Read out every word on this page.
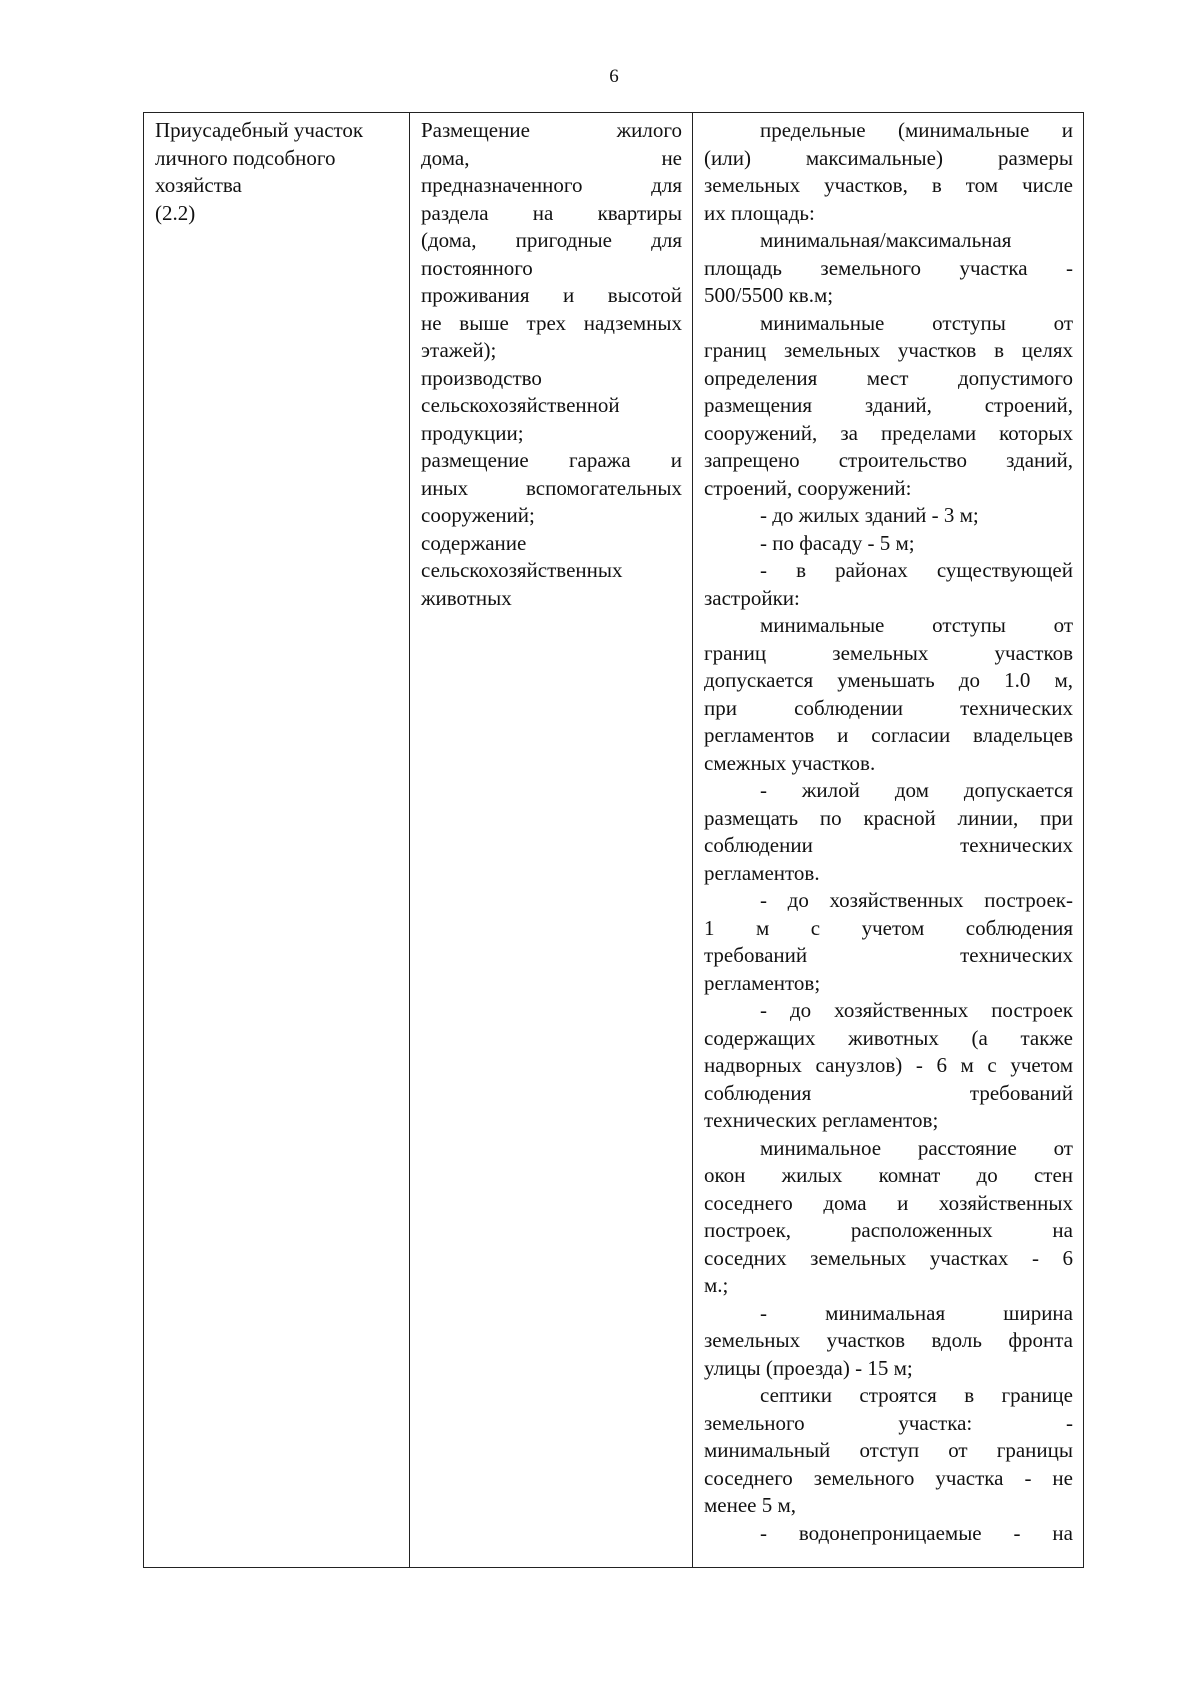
6
Приусадебный участок
личного подсобного
хозяйства
(2.2)

Размещение жилого
дома, не
предназначенного для
раздела на квартиры
(дома, пригодные для
постоянного
проживания и высотой
не выше трех надземных
этажей);
производство
сельскохозяйственной
продукции;
размещение гаража и
иных вспомогательных
сооружений;
содержание
сельскохозяйственных
животных

предельные (минимальные и
(или) максимальные) размеры
земельных участков, в том числе
их площадь:
минимальная/максимальная
площадь земельного участка -
500/5500 кв.м;
минимальные отступы от
границ земельных участков в целях
определения мест допустимого
размещения зданий, строений,
сооружений, за пределами которых
запрещено строительство зданий,
строений, сооружений:
- до жилых зданий - 3 м;
- по фасаду - 5 м;
- в районах существующей
застройки:
минимальные отступы от
границ земельных участков
допускается уменьшать до 1.0 м,
при соблюдении технических
регламентов и согласии владельцев
смежных участков.
- жилой дом допускается
размещать по красной линии, при
соблюдении технических
регламентов.
- до хозяйственных построек-
1 м с учетом соблюдения
требований технических
регламентов;
- до хозяйственных построек
содержащих животных (а также
надворных санузлов) - 6 м с учетом
соблюдения требований
технических регламентов;
минимальное расстояние от
окон жилых комнат до стен
соседнего дома и хозяйственных
построек, расположенных на
соседних земельных участках - 6
м.;
- минимальная ширина
земельных участков вдоль фронта
улицы (проезда) - 15 м;
септики строятся в границе
земельного участка: -
минимальный отступ от границы
соседнего земельного участка - не
менее 5 м,
- водонепроницаемые - на
